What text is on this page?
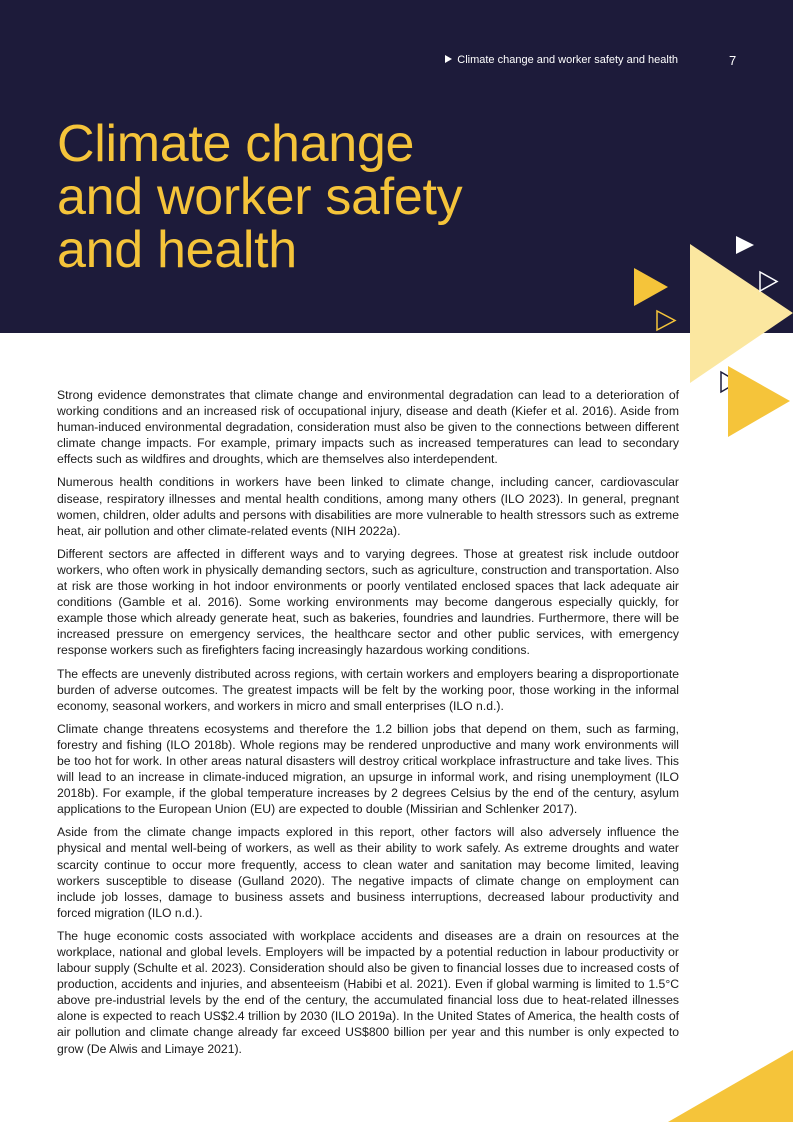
Climate change and worker safety and health	7
Climate change
and worker safety
and health

Strong evidence demonstrates that climate change and environmental degradation can lead to a deterioration of working conditions and an increased risk of occupational injury, disease and death (Kiefer et al. 2016). Aside from human-induced environmental degradation, consideration must also be given to the connections between different climate change impacts. For example, primary impacts such as increased temperatures can lead to secondary effects such as wildfires and droughts, which are themselves also interdependent.

Numerous health conditions in workers have been linked to climate change, including cancer, cardiovascular disease, respiratory illnesses and mental health conditions, among many others (ILO 2023). In general, pregnant women, children, older adults and persons with disabilities are more vulnerable to health stressors such as extreme heat, air pollution and other climate-related events (NIH 2022a).

Different sectors are affected in different ways and to varying degrees. Those at greatest risk include outdoor workers, who often work in physically demanding sectors, such as agriculture, construction and transportation. Also at risk are those working in hot indoor environments or poorly ventilated enclosed spaces that lack adequate air conditions (Gamble et al. 2016). Some working environments may become dangerous especially quickly, for example those which already generate heat, such as bakeries, foundries and laundries. Furthermore, there will be increased pressure on emergency services, the healthcare sector and other public services, with emergency response workers such as firefighters facing increasingly hazardous working conditions.

The effects are unevenly distributed across regions, with certain workers and employers bearing a disproportionate burden of adverse outcomes. The greatest impacts will be felt by the working poor, those working in the informal economy, seasonal workers, and workers in micro and small enterprises (ILO n.d.).

Climate change threatens ecosystems and therefore the 1.2 billion jobs that depend on them, such as farming, forestry and fishing (ILO 2018b). Whole regions may be rendered unproductive and many work environments will be too hot for work. In other areas natural disasters will destroy critical workplace infrastructure and take lives. This will lead to an increase in climate-induced migration, an upsurge in informal work, and rising unemployment (ILO 2018b). For example, if the global temperature increases by 2 degrees Celsius by the end of the century, asylum applications to the European Union (EU) are expected to double (Missirian and Schlenker 2017).

Aside from the climate change impacts explored in this report, other factors will also adversely influence the physical and mental well-being of workers, as well as their ability to work safely. As extreme droughts and water scarcity continue to occur more frequently, access to clean water and sanitation may become limited, leaving workers susceptible to disease (Gulland 2020). The negative impacts of climate change on employment can include job losses, damage to business assets and business interruptions, decreased labour productivity and forced migration (ILO n.d.).

The huge economic costs associated with workplace accidents and diseases are a drain on resources at the workplace, national and global levels. Employers will be impacted by a potential reduction in labour productivity or labour supply (Schulte et al. 2023). Consideration should also be given to financial losses due to increased costs of production, accidents and injuries, and absenteeism (Habibi et al. 2021). Even if global warming is limited to 1.5°C above pre-industrial levels by the end of the century, the accumulated financial loss due to heat-related illnesses alone is expected to reach US$2.4 trillion by 2030 (ILO 2019a). In the United States of America, the health costs of air pollution and climate change already far exceed US$800 billion per year and this number is only expected to grow (De Alwis and Limaye 2021).
